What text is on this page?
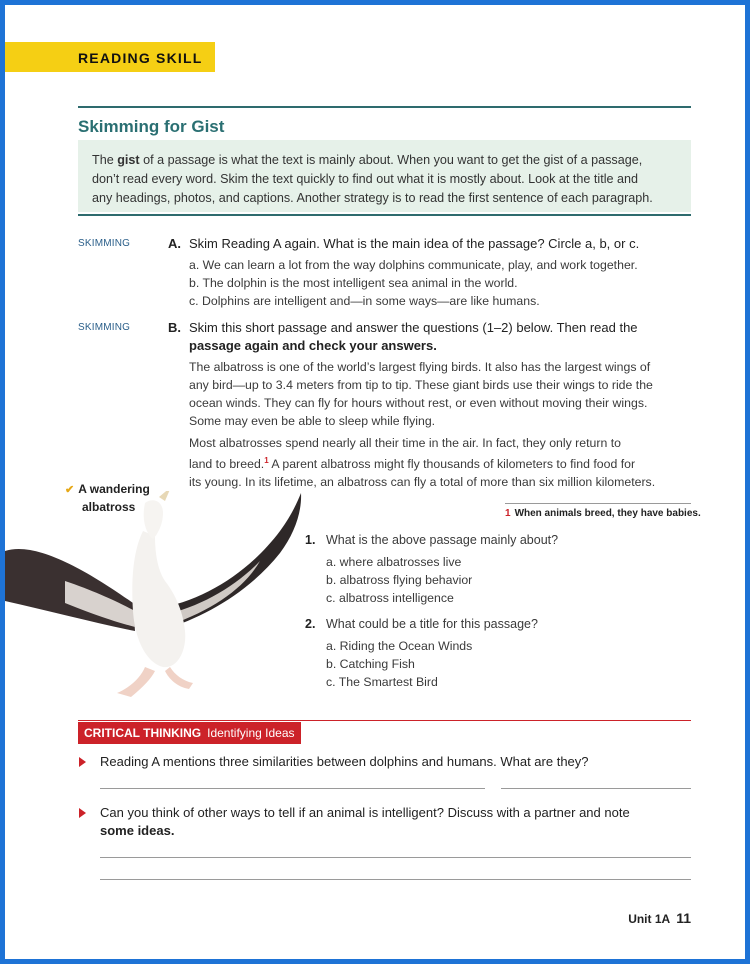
READING SKILL
Skimming for Gist

The gist of a passage is what the text is mainly about. When you want to get the gist of a passage,
don’t read every word. Skim the text quickly to find out what it is mostly about. Look at the title and
any headings, photos, and captions. Another strategy is to read the first sentence of each paragraph.

SKIMMING	A. Skim Reading A again. What is the main idea of the passage? Circle a, b, or c.
a. We can learn a lot from the way dolphins communicate, play, and work together.
b. The dolphin is the most intelligent sea animal in the world.
c. Dolphins are intelligent and—in some ways—are like humans.
SKIMMING	B. Skim this short passage and answer the questions (1–2) below. Then read the
passage again and check your answers.

The albatross is one of the world’s largest flying birds. It also has the largest wings of
any bird—up to 3.4 meters from tip to tip. These giant birds use their wings to ride the
ocean winds. They can fly for hours without rest, or even without moving their wings.
Some may even be able to sleep while flying.

Most albatrosses spend nearly all their time in the air. In fact, they only return to
land to breed.$^1$ A parent albatross might fly thousands of kilometers to find food for
its young. In its lifetime, an albatross can fly a total of more than six million kilometers.

✔ A wandering
albatross	1 When animals breed, they have babies.
1. What is the above passage mainly about?
a. where albatrosses live
b. albatross flying behavior
c. albatross intelligence
2. What could be a title for this passage?
a. Riding the Ocean Winds
b. Catching Fish
c. The Smartest Bird
CRITICAL THINKING Identifying Ideas
Reading A mentions three similarities between dolphins and humans. What are they?
Can you think of other ways to tell if an animal is intelligent? Discuss with a partner and note
some ideas.
Unit 1A 11
